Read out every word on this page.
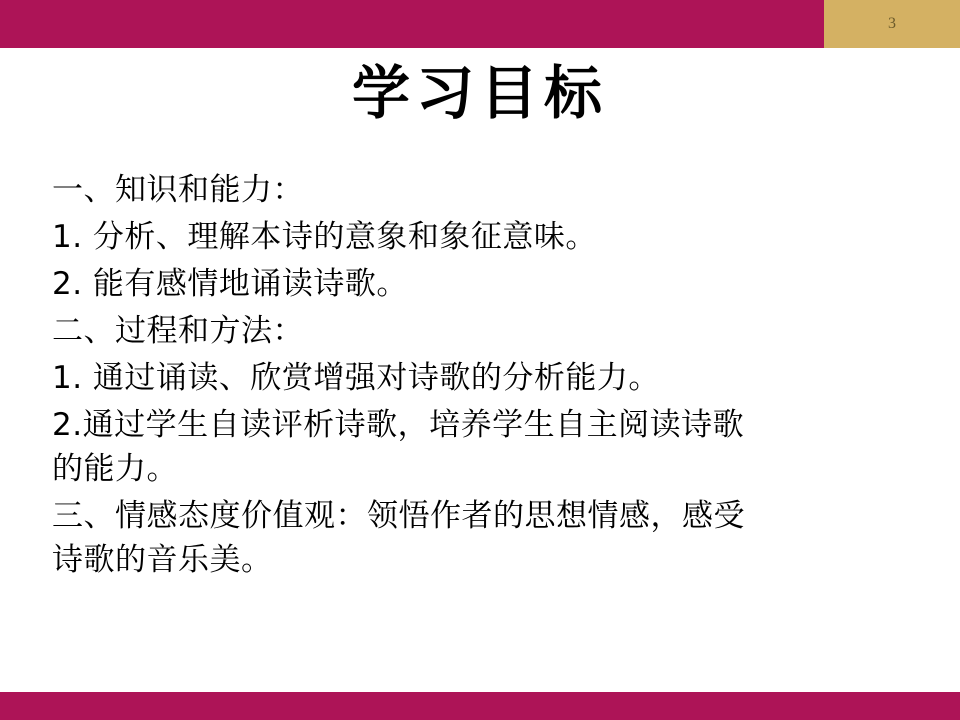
3
学习目标

一、知识和能力：

1. 分析、理解本诗的意象和象征意味。

2. 能有感情地诵读诗歌。

二、过程和方法：

1. 通过诵读、欣赏增强对诗歌的分析能力。

2.通过学生自读评析诗歌，培养学生自主阅读诗歌

的能力。

三、情感态度价值观：领悟作者的思想情感，感受

诗歌的音乐美。
